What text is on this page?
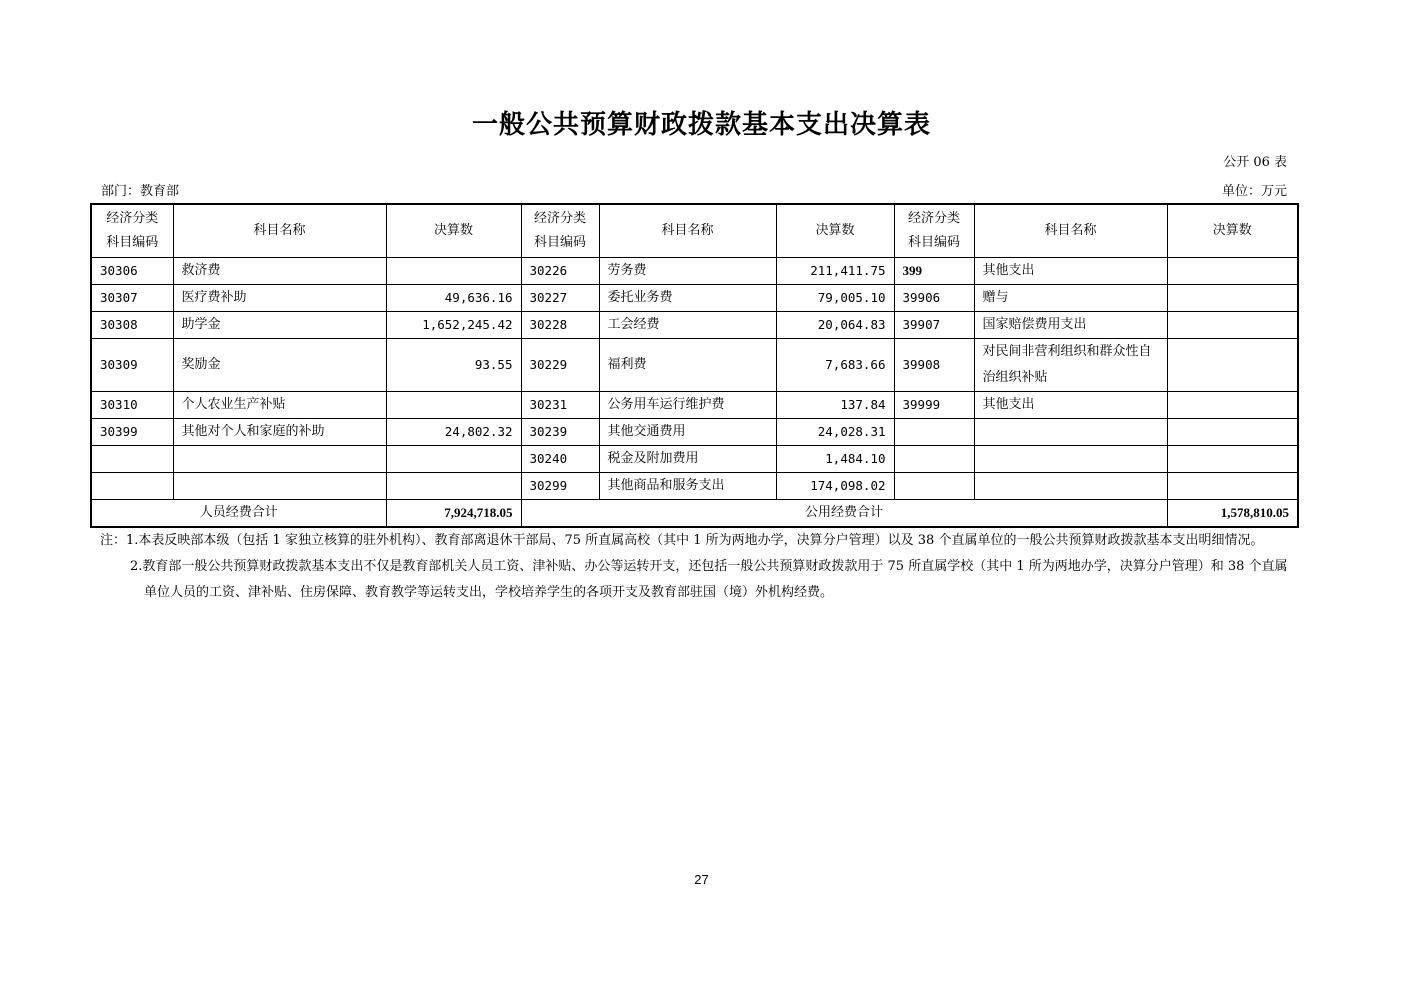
一般公共预算财政拨款基本支出决算表
公开 06 表
部门：教育部	单位：万元
经济分类科目编码	科目名称	决算数	经济分类科目编码	科目名称	决算数	经济分类科目编码	科目名称	决算数
30306	救济费		30226	劳务费	211,411.75	399	其他支出	
30307	医疗费补助	49,636.16	30227	委托业务费	79,005.10	39906	赠与	
30308	助学金	1,652,245.42	30228	工会经费	20,064.83	39907	国家赔偿费用支出	
30309	奖励金	93.55	30229	福利费	7,683.66	39908	对民间非营利组织和群众性自治组织补贴	
30310	个人农业生产补贴		30231	公务用车运行维护费	137.84	39999	其他支出	
30399	其他对个人和家庭的补助	24,802.32	30239	其他交通费用	24,028.31			
			30240	税金及附加费用	1,484.10			
			30299	其他商品和服务支出	174,098.02			
人员经费合计		7,924,718.05	公用经费合计					1,578,810.05
注：1.本表反映部本级（包括 1 家独立核算的驻外机构）、教育部离退休干部局、75 所直属高校（其中 1 所为两地办学，决算分户管理）以及 38 个直属单位的一般公共预算财政拨款基本支出明细情况。
2.教育部一般公共预算财政拨款基本支出不仅是教育部机关人员工资、津补贴、办公等运转开支，还包括一般公共预算财政拨款用于 75 所直属学校（其中 1 所为两地办学，决算分户管理）和 38 个直属单位人员的工资、津补贴、住房保障、教育教学等运转支出，学校培养学生的各项开支及教育部驻国（境）外机构经费。
27
